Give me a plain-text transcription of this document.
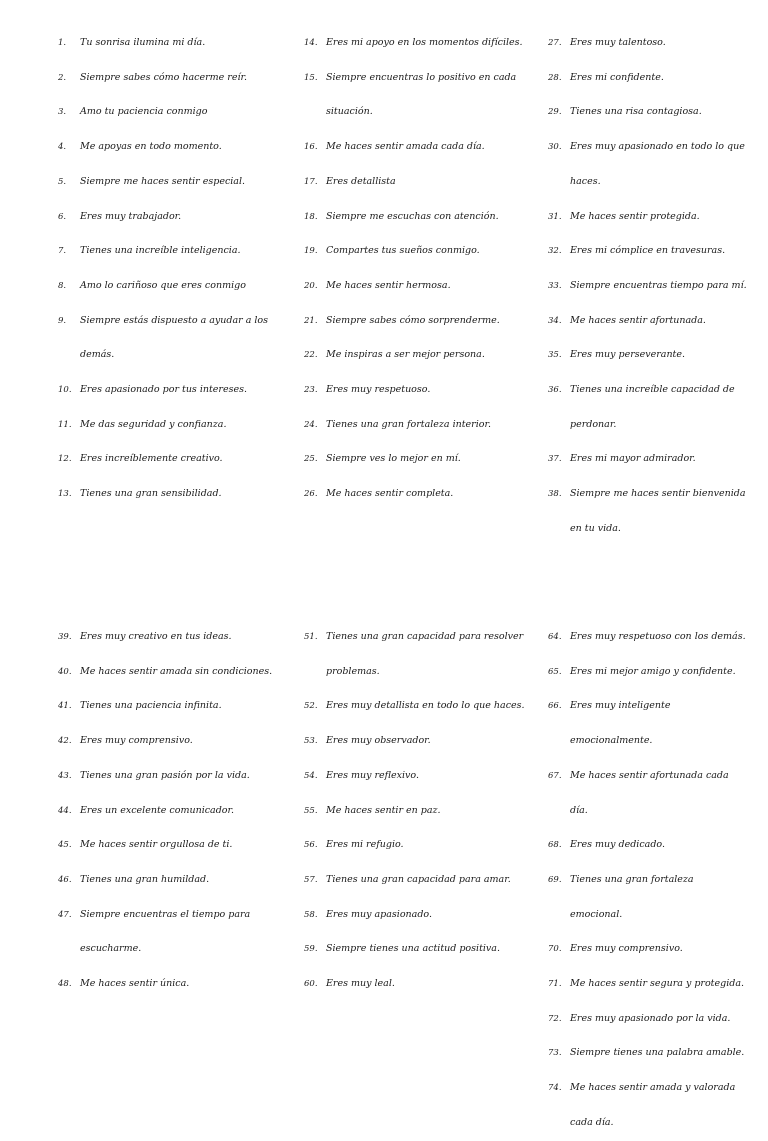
1.	Tu sonrisa ilumina mi día.
2.	Siempre sabes cómo hacerme reír.
3.	Amo tu paciencia conmigo
4.	Me apoyas en todo momento.
5.	Siempre me haces sentir especial.
6.	Eres muy trabajador.
7.	Tienes una increíble inteligencia.
8.	Amo lo cariñoso que eres conmigo
9.	Siempre estás dispuesto a ayudar a los demás.
10. Eres apasionado por tus intereses.
11. Me das seguridad y confianza.
12. Eres increíblemente creativo.
13. Tienes una gran sensibilidad.
14. Eres mi apoyo en los momentos difíciles.
15. Siempre encuentras lo positivo en cada situación.
16. Me haces sentir amada cada día.
17. Eres detallista
18. Siempre me escuchas con atención.
19. Compartes tus sueños conmigo.
20. Me haces sentir hermosa.
21. Siempre sabes cómo sorprenderme.
22. Me inspiras a ser mejor persona.
23. Eres muy respetuoso.
24. Tienes una gran fortaleza interior.
25. Siempre ves lo mejor en mí.
26. Me haces sentir completa.
27. Eres muy talentoso.
28. Eres mi confidente.
29. Tienes una risa contagiosa.
30. Eres muy apasionado en todo lo que haces.
31. Me haces sentir protegida.
32. Eres mi cómplice en travesuras.
33. Siempre encuentras tiempo para mí.
34. Me haces sentir afortunada.
35. Eres muy perseverante.
36. Tienes una increíble capacidad de perdonar.
37. Eres mi mayor admirador.
38. Siempre me haces sentir bienvenida en tu vida.
39. Eres muy creativo en tus ideas.
40. Me haces sentir amada sin condiciones.
41. Tienes una paciencia infinita.
42. Eres muy comprensivo.
43. Tienes una gran pasión por la vida.
44. Eres un excelente comunicador.
45. Me haces sentir orgullosa de ti.
46. Tienes una gran humildad.
47. Siempre encuentras el tiempo para escucharme.
48. Me haces sentir única.
51. Tienes una gran capacidad para resolver problemas.
52. Eres muy detallista en todo lo que haces.
53. Eres muy observador.
54. Eres muy reflexivo.
55. Me haces sentir en paz.
56. Eres mi refugio.
57. Tienes una gran capacidad para amar.
58. Eres muy apasionado.
59. Siempre tienes una actitud positiva.
60. Eres muy leal.
64. Eres muy respetuoso con los demás.
65. Eres mi mejor amigo y confidente.
66. Eres muy inteligente emocionalmente.
67. Me haces sentir afortunada cada día.
68. Eres muy dedicado.
69. Tienes una gran fortaleza emocional.
70. Eres muy comprensivo.
71. Me haces sentir segura y protegida.
72. Eres muy apasionado por la vida.
73. Siempre tienes una palabra amable.
74. Me haces sentir amada y valorada cada día.
